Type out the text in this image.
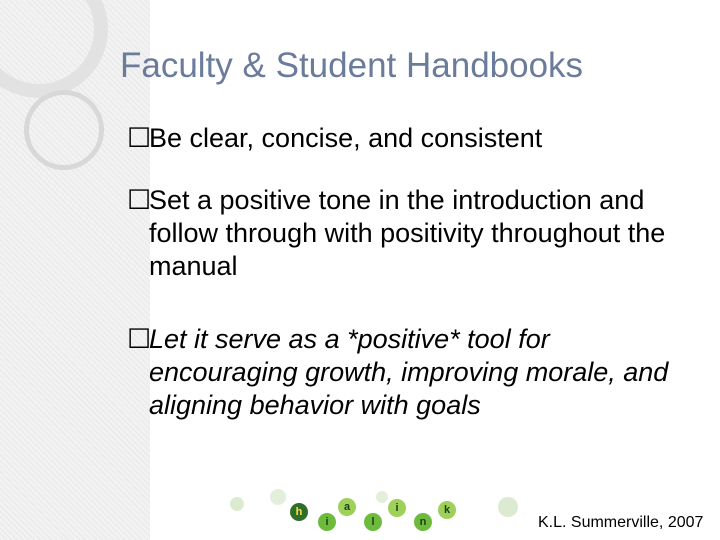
Faculty & Student Handbooks

☐
Be clear, concise, and consistent

☐
Set a positive tone in the introduction and follow through with positivity throughout the manual

☐
Let it serve as a *positive* tool for encouraging growth, improving morale, and aligning behavior with goals

h
i
a
l
i
n
k
K.L. Summerville, 2007
